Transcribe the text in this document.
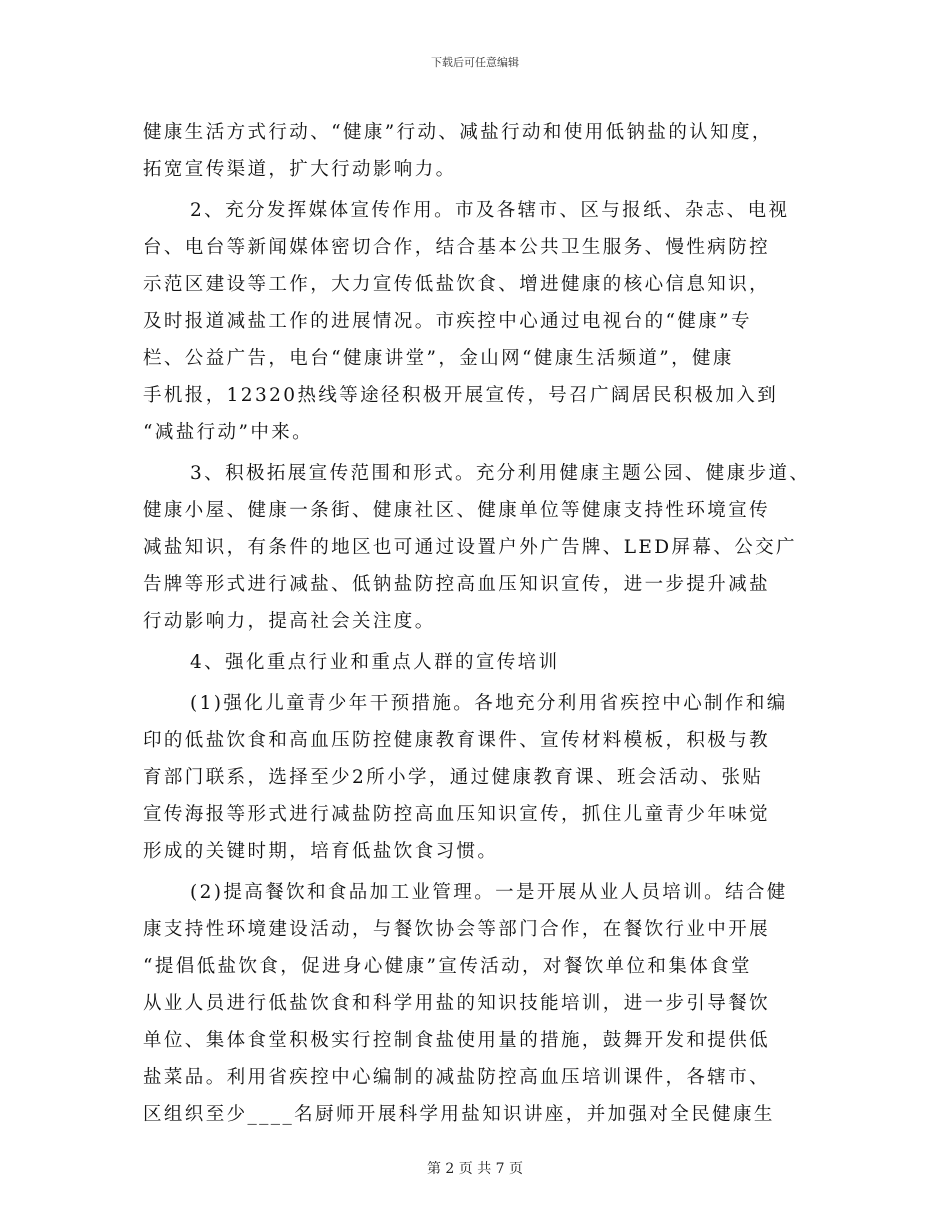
下载后可任意编辑
健康生活方式行动、“健康”行动、减盐行动和使用低钠盐的认知度，
拓宽宣传渠道，扩大行动影响力。
2、充分发挥媒体宣传作用。市及各辖市、区与报纸、杂志、电视
台、电台等新闻媒体密切合作，结合基本公共卫生服务、慢性病防控
示范区建设等工作，大力宣传低盐饮食、增进健康的核心信息知识，
及时报道减盐工作的进展情况。市疾控中心通过电视台的“健康”专
栏、公益广告，电台“健康讲堂”，金山网“健康生活频道”，健康
手机报，12320热线等途径积极开展宣传，号召广阔居民积极加入到
“减盐行动”中来。
3、积极拓展宣传范围和形式。充分利用健康主题公园、健康步道、
健康小屋、健康一条街、健康社区、健康单位等健康支持性环境宣传
减盐知识，有条件的地区也可通过设置户外广告牌、LED屏幕、公交广
告牌等形式进行减盐、低钠盐防控高血压知识宣传，进一步提升减盐
行动影响力，提高社会关注度。
4、强化重点行业和重点人群的宣传培训
(1)强化儿童青少年干预措施。各地充分利用省疾控中心制作和编
印的低盐饮食和高血压防控健康教育课件、宣传材料模板，积极与教
育部门联系，选择至少2所小学，通过健康教育课、班会活动、张贴
宣传海报等形式进行减盐防控高血压知识宣传，抓住儿童青少年味觉
形成的关键时期，培育低盐饮食习惯。
(2)提高餐饮和食品加工业管理。一是开展从业人员培训。结合健
康支持性环境建设活动，与餐饮协会等部门合作，在餐饮行业中开展
“提倡低盐饮食，促进身心健康”宣传活动，对餐饮单位和集体食堂
从业人员进行低盐饮食和科学用盐的知识技能培训，进一步引导餐饮
单位、集体食堂积极实行控制食盐使用量的措施，鼓舞开发和提供低
盐菜品。利用省疾控中心编制的减盐防控高血压培训课件，各辖市、
区组织至少____名厨师开展科学用盐知识讲座，并加强对全民健康生
第 2 页 共 7 页
